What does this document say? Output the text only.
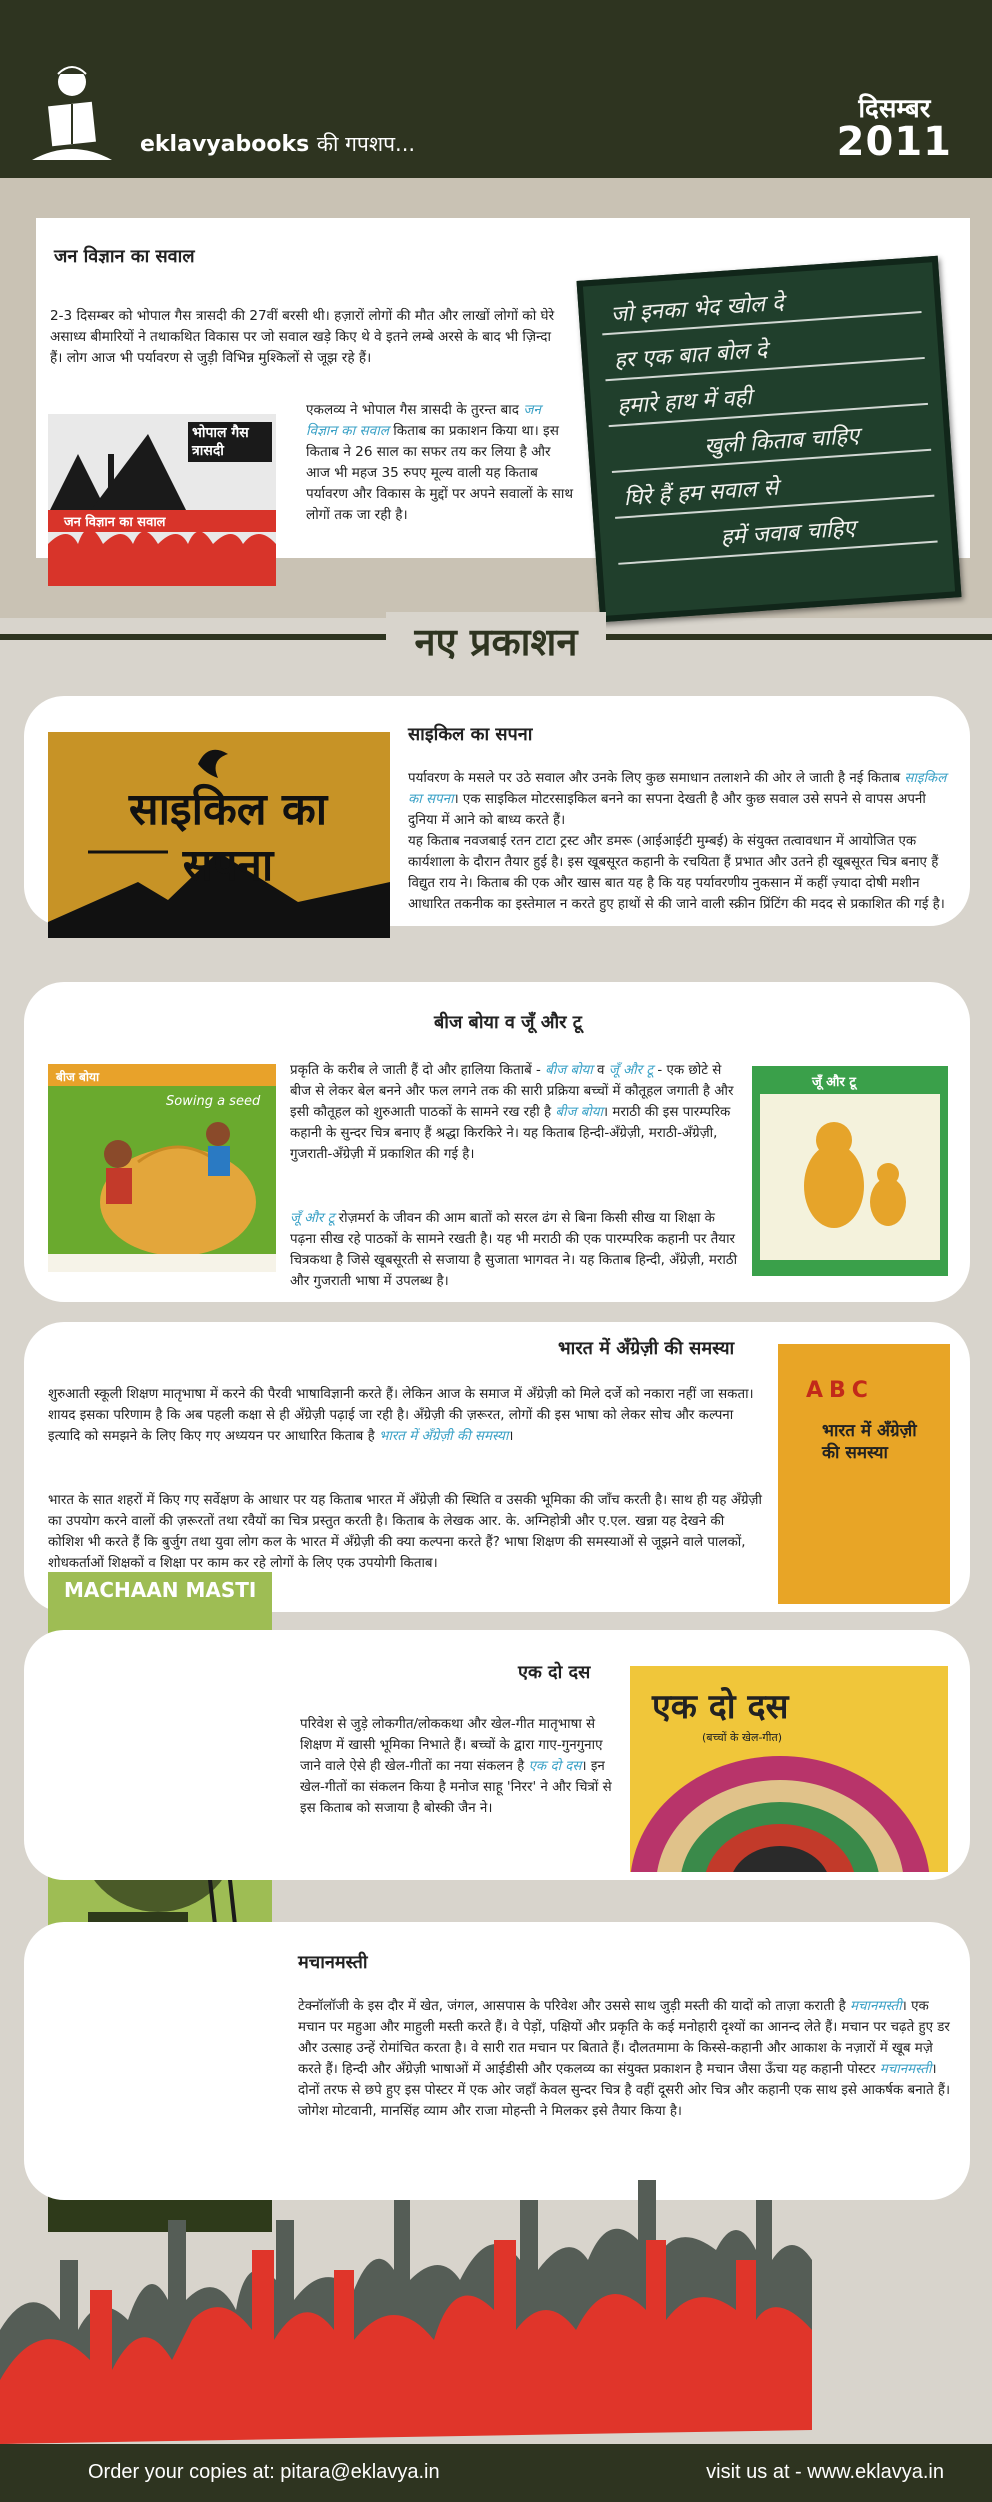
eklavyabooks की गपशप...
दिसम्बर
2011
जन विज्ञान का सवाल

2-3 दिसम्बर को भोपाल गैस त्रासदी की 27वीं बरसी थी। हज़ारों लोगों की मौत और लाखों लोगों को घेरे असाध्य बीमारियों ने तथाकथित विकास पर जो सवाल खड़े किए थे वे इतने लम्बे अरसे के बाद भी ज़िन्दा हैं। लोग आज भी पर्यावरण से जुड़ी विभिन्न मुश्किलों से जूझ रहे हैं।

भोपाल गैस त्रासदी
जन विज्ञान का सवाल

एकलव्य ने भोपाल गैस त्रासदी के तुरन्त बाद जन विज्ञान का सवाल किताब का प्रकाशन किया था। इस किताब ने 26 साल का सफर तय कर लिया है और आज भी महज 35 रुपए मूल्य वाली यह किताब पर्यावरण और विकास के मुद्दों पर अपने सवालों के साथ लोगों तक जा रही है।

जो इनका भेद खोल दे
हर एक बात बोल दे
हमारे हाथ में वही
खुली किताब चाहिए
घिरे हैं हम सवाल से
हमें जवाब चाहिए
नए प्रकाशन
साइकिल का सपना
साइकिल का सपना

पर्यावरण के मसले पर उठे सवाल और उनके लिए कुछ समाधान तलाशने की ओर ले जाती है नई किताब साइकिल का सपना। एक साइकिल मोटरसाइकिल बनने का सपना देखती है और कुछ सवाल उसे सपने से वापस अपनी दुनिया में आने को बाध्य करते हैं।
यह किताब नवजबाई रतन टाटा ट्रस्ट और डमरू (आईआईटी मुम्बई) के संयुक्त तत्वावधान में आयोजित एक कार्यशाला के दौरान तैयार हुई है। इस खूबसूरत कहानी के रचयिता हैं प्रभात और उतने ही खूबसूरत चित्र बनाए हैं विद्युत राय ने। किताब की एक और खास बात यह है कि यह पर्यावरणीय नुकसान में कहीं ज़्यादा दोषी मशीन आधारित तकनीक का इस्तेमाल न करते हुए हाथों से की जाने वाली स्क्रीन प्रिंटिंग की मदद से प्रकाशित की गई है।

बीज बोया व जूँ और टू
बीज बोया
Sowing a seed

प्रकृति के करीब ले जाती हैं दो और हालिया किताबें - बीज बोया व जूँ और टू - एक छोटे से बीज से लेकर बेल बनने और फल लगने तक की सारी प्रक्रिया बच्चों में कौतूहल जगाती है और इसी कौतूहल को शुरुआती पाठकों के सामने रख रही है बीज बोया। मराठी की इस पारम्परिक कहानी के सुन्दर चित्र बनाए हैं श्रद्धा किरकिरे ने। यह किताब हिन्दी-अँग्रेज़ी, मराठी-अँग्रेज़ी, गुजराती-अँग्रेज़ी में प्रकाशित की गई है।

जूँ और टू रोज़मर्रा के जीवन की आम बातों को सरल ढंग से बिना किसी सीख या शिक्षा के पढ़ना सीख रहे पाठकों के सामने रखती है। यह भी मराठी की एक पारम्परिक कहानी पर तैयार चित्रकथा है जिसे खूबसूरती से सजाया है सुजाता भागवत ने। यह किताब हिन्दी, अँग्रेज़ी, मराठी और गुजराती भाषा में उपलब्ध है।

जूँ और टू
भारत में अँग्रेज़ी की समस्या

शुरुआती स्कूली शिक्षण मातृभाषा में करने की पैरवी भाषाविज्ञानी करते हैं। लेकिन आज के समाज में अँग्रेज़ी को मिले दर्जे को नकारा नहीं जा सकता। शायद इसका परिणाम है कि अब पहली कक्षा से ही अँग्रेज़ी पढ़ाई जा रही है। अँग्रेज़ी की ज़रूरत, लोगों की इस भाषा को लेकर सोच और कल्पना इत्यादि को समझने के लिए किए गए अध्ययन पर आधारित किताब है भारत में अँग्रेज़ी की समस्या।

भारत के सात शहरों में किए गए सर्वेक्षण के आधार पर यह किताब भारत में अँग्रेज़ी की स्थिति व उसकी भूमिका की जाँच करती है। साथ ही यह अँग्रेज़ी का उपयोग करने वालों की ज़रूरतों तथा रवैयों का चित्र प्रस्तुत करती है। किताब के लेखक आर. के. अग्निहोत्री और ए.एल. खन्ना यह देखने की कोशिश भी करते हैं कि बुर्जुग तथा युवा लोग कल के भारत में अँग्रेज़ी की क्या कल्पना करते हैं? भाषा शिक्षण की समस्याओं से जूझने वाले पालकों, शोधकर्ताओं शिक्षकों व शिक्षा पर काम कर रहे लोगों के लिए एक उपयोगी किताब।

ABC
भारत में अँग्रेज़ी की समस्या
MACHAAN MASTI
एक दो दस

परिवेश से जुड़े लोकगीत/लोककथा और खेल-गीत मातृभाषा से शिक्षण में खासी भूमिका निभाते हैं। बच्चों के द्वारा गाए-गुनगुनाए जाने वाले ऐसे ही खेल-गीतों का नया संकलन है एक दो दस। इन खेल-गीतों का संकलन किया है मनोज साहू 'निरर' ने और चित्रों से इस किताब को सजाया है बोस्की जैन ने।

एक दो दस
(बच्चों के खेल-गीत)
मचानमस्ती

टेक्नॉलॉजी के इस दौर में खेत, जंगल, आसपास के परिवेश और उससे साथ जुड़ी मस्ती की यादों को ताज़ा कराती है मचानमस्ती। एक मचान पर महुआ और माहुली मस्ती करते हैं। वे पेड़ों, पक्षियों और प्रकृति के कई मनोहारी दृश्यों का आनन्द लेते हैं। मचान पर चढ़ते हुए डर और उत्साह उन्हें रोमांचित करता है। वे सारी रात मचान पर बिताते हैं। दौलतमामा के किस्से-कहानी और आकाश के नज़ारों में खूब मज़े करते हैं। हिन्दी और अँग्रेज़ी भाषाओं में आईडीसी और एकलव्य का संयुक्त प्रकाशन है मचान जैसा ऊँचा यह कहानी पोस्टर मचानमस्ती। दोनों तरफ से छपे हुए इस पोस्टर में एक ओर जहाँ केवल सुन्दर चित्र है वहीं दूसरी ओर चित्र और कहानी एक साथ इसे आकर्षक बनाते हैं। जोगेश मोटवानी, मानसिंह व्याम और राजा मोहन्ती ने मिलकर इसे तैयार किया है।

Order your copies at: pitara@eklavya.in	visit us at - www.eklavya.in
